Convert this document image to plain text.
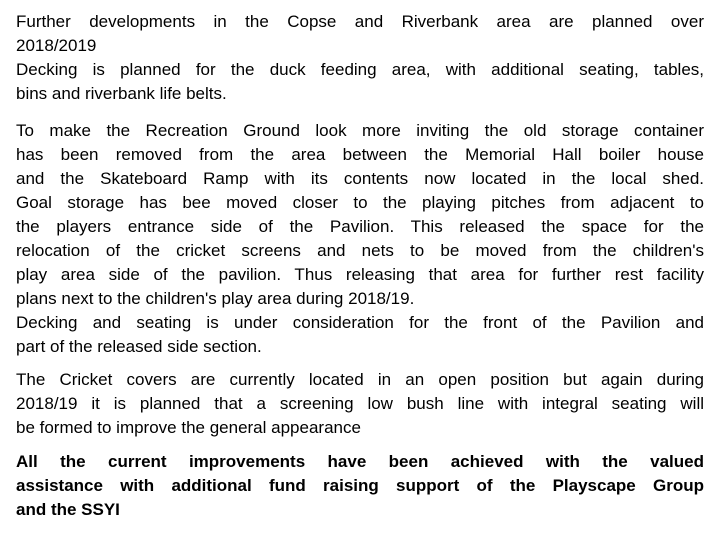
Further developments in the Copse and Riverbank area are planned over
2018/2019
Decking is planned for the duck feeding area, with additional seating, tables,
bins and riverbank life belts.
To make the Recreation Ground look more inviting the old storage container
has been removed from the area between the Memorial Hall boiler house
and the Skateboard Ramp with its contents now located in the local shed.
Goal storage has bee moved closer to the playing pitches from adjacent to
the players entrance side of the Pavilion. This released the space for the
relocation of the cricket screens and nets to be moved from the children's
play area side of the pavilion. Thus releasing that area for further rest facility
plans next to the children's play area during 2018/19.
Decking and seating is under consideration for the front of the Pavilion and
part of the released side section.
The Cricket covers are currently located in an open position but again during
2018/19 it is planned that a screening low bush line with integral seating will
be formed to improve the general appearance
All the current improvements have been achieved with the valued
assistance with additional fund raising support of the Playscape Group
and the SSYI
